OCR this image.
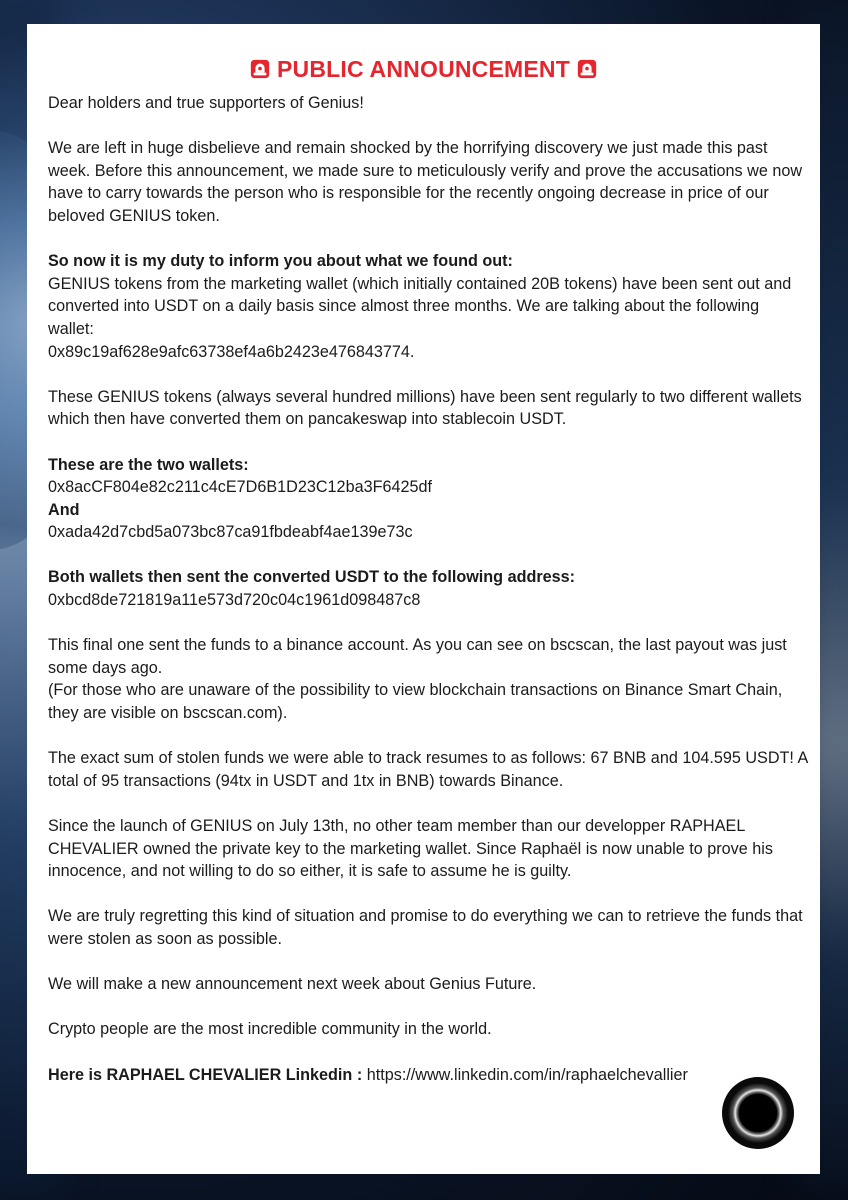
PUBLIC ANNOUNCEMENT

Dear holders and true supporters of Genius!

We are left in huge disbelieve and remain shocked by the horrifying discovery we just made this past week. Before this announcement, we made sure to meticulously verify and prove the accusations we now have to carry towards the person who is responsible for the recently ongoing decrease in price of our beloved GENIUS token.

So now it is my duty to inform you about what we found out:
GENIUS tokens from the marketing wallet (which initially contained 20B tokens) have been sent out and converted into USDT on a daily basis since almost three months. We are talking about the following wallet:
0x89c19af628e9afc63738ef4a6b2423e476843774.

These GENIUS tokens (always several hundred millions) have been sent regularly to two different wallets which then have converted them on pancakeswap into stablecoin USDT.

These are the two wallets:
0x8acCF804e82c211c4cE7D6B1D23C12ba3F6425df
And
0xada42d7cbd5a073bc87ca91fbdeabf4ae139e73c

Both wallets then sent the converted USDT to the following address:
0xbcd8de721819a11e573d720c04c1961d098487c8

This final one sent the funds to a binance account. As you can see on bscscan, the last payout was just some days ago.
(For those who are unaware of the possibility to view blockchain transactions on Binance Smart Chain, they are visible on bscscan.com).

The exact sum of stolen funds we were able to track resumes to as follows: 67 BNB and 104.595 USDT! A total of 95 transactions (94tx in USDT and 1tx in BNB) towards Binance.

Since the launch of GENIUS on July 13th, no other team member than our developper RAPHAEL CHEVALIER owned the private key to the marketing wallet. Since Raphaël is now unable to prove his innocence, and not willing to do so either, it is safe to assume he is guilty.

We are truly regretting this kind of situation and promise to do everything we can to retrieve the funds that were stolen as soon as possible.

We will make a new announcement next week about Genius Future.

Crypto people are the most incredible community in the world.

Here is RAPHAEL CHEVALIER Linkedin : https://www.linkedin.com/in/raphaelchevallier
